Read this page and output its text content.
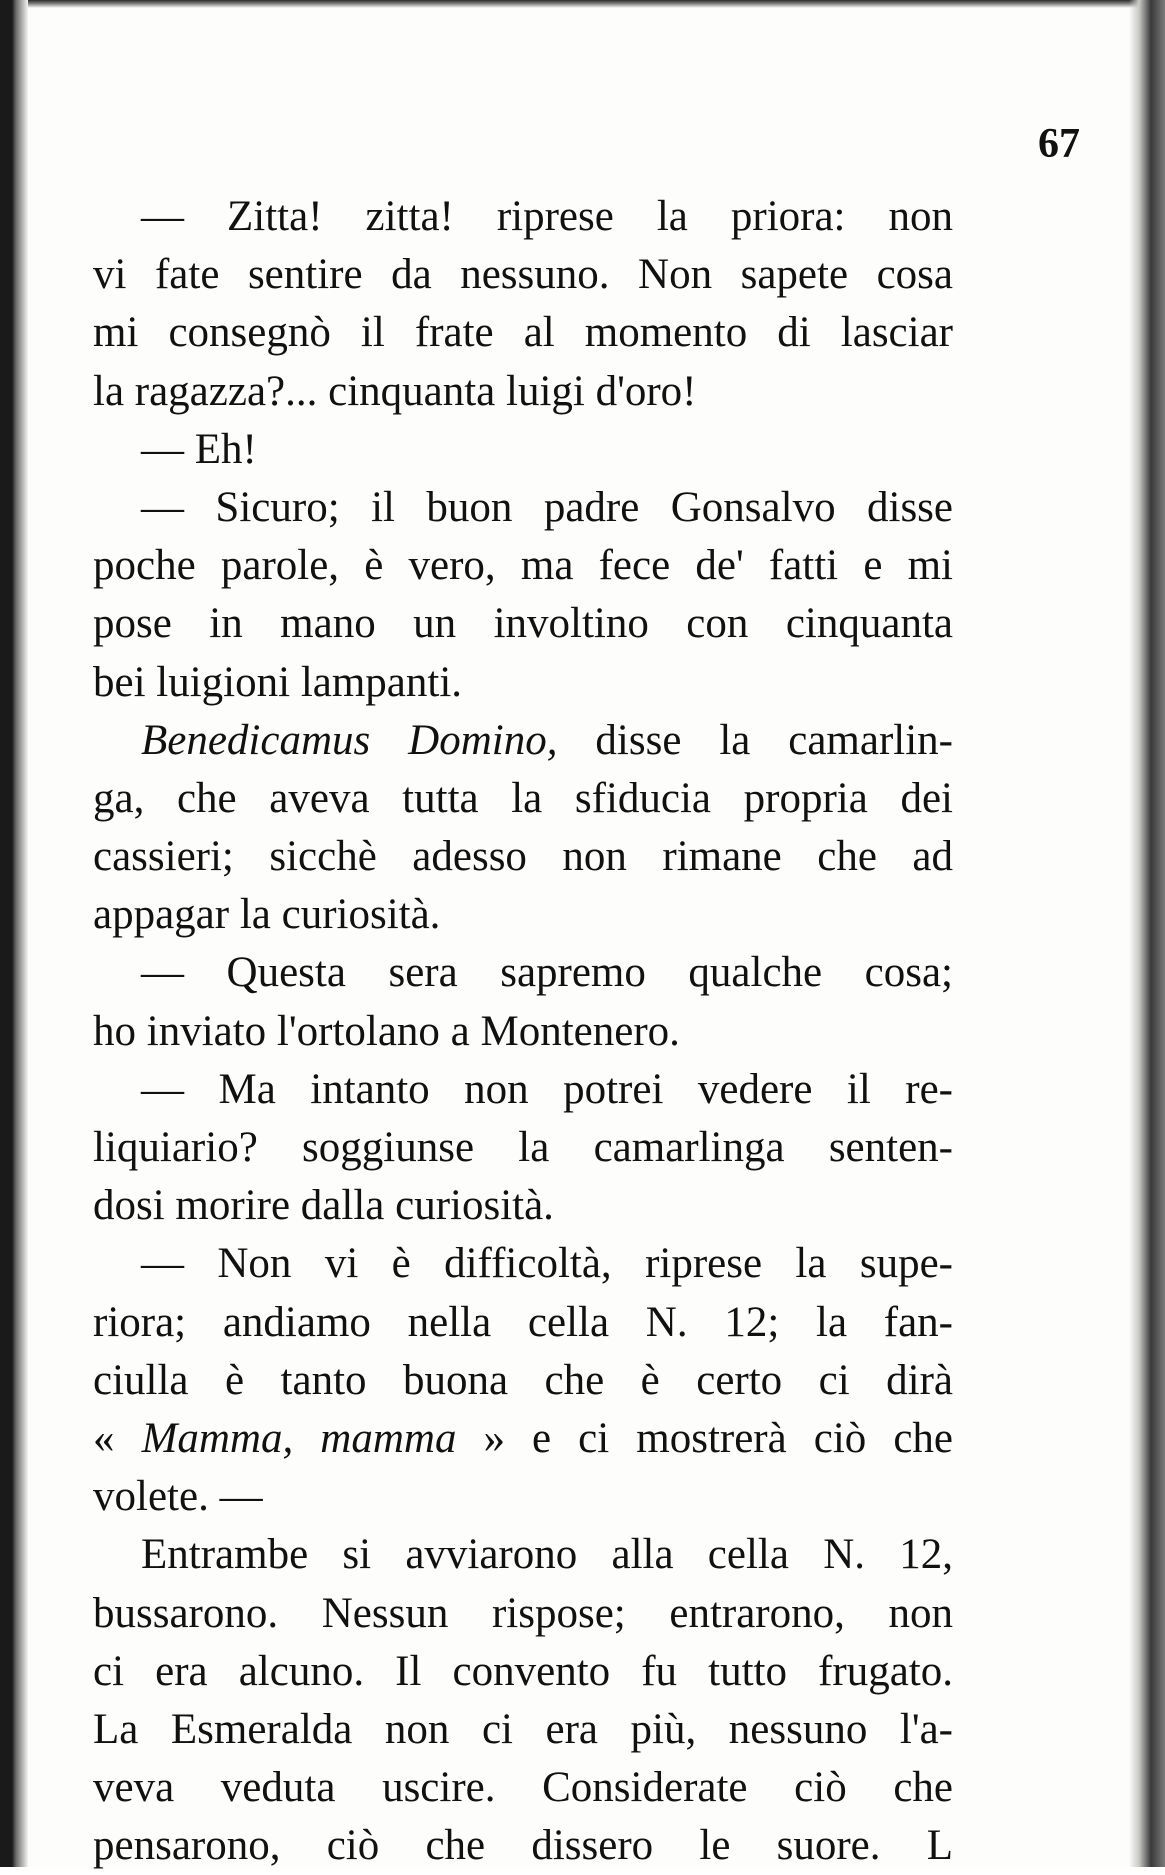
67
— Zitta! zitta! riprese la priora: non
vi fate sentire da nessuno. Non sapete cosa
mi consegnò il frate al momento di lasciar
la ragazza?... cinquanta luigi d'oro!
— Eh!
— Sicuro; il buon padre Gonsalvo disse
poche parole, è vero, ma fece de' fatti e mi
pose in mano un involtino con cinquanta
bei luigioni lampanti.
Benedicamus Domino, disse la camarlin-
ga, che aveva tutta la sfiducia propria dei
cassieri; sicchè adesso non rimane che ad
appagar la curiosità.
— Questa sera sapremo qualche cosa;
ho inviato l'ortolano a Montenero.
— Ma intanto non potrei vedere il re-
liquiario? soggiunse la camarlinga senten-
dosi morire dalla curiosità.
— Non vi è difficoltà, riprese la supe-
riora; andiamo nella cella N. 12; la fan-
ciulla è tanto buona che è certo ci dirà
« Mamma, mamma » e ci mostrerà ciò che
volete. —
Entrambe si avviarono alla cella N. 12,
bussarono. Nessun rispose; entrarono, non
ci era alcuno. Il convento fu tutto frugato.
La Esmeralda non ci era più, nessuno l'a-
veva veduta uscire. Considerate ciò che
pensarono, ciò che dissero le suore. L
